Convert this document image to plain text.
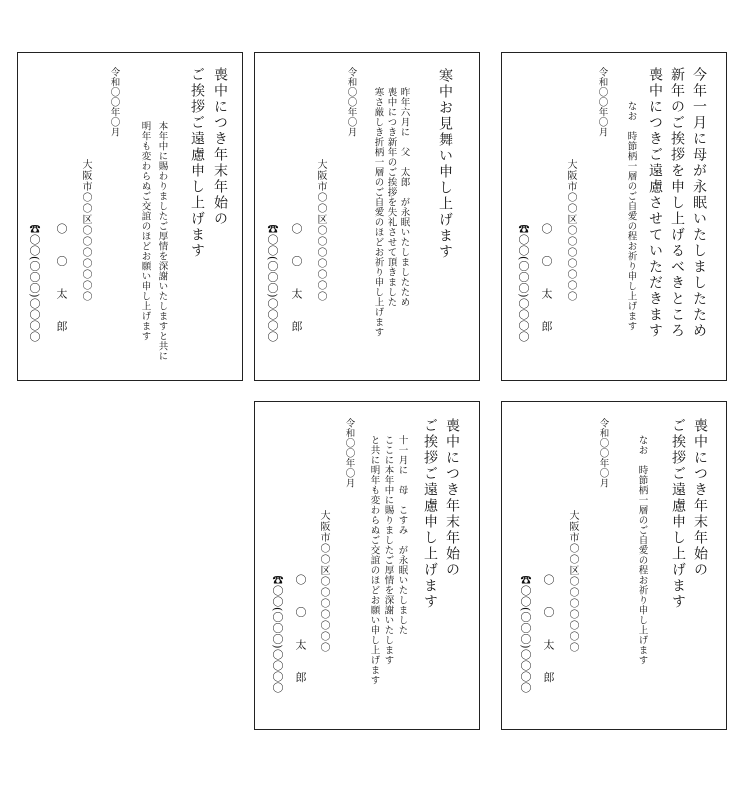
喪中につき年末年始の
ご挨拶ご遠慮申し上げます
本年中に賜わりましたご厚情を深謝いたしますと共に
明年も変わらぬご交誼のほどお願い申し上げます
令和〇〇年〇月
大阪市〇〇区〇〇〇〇〇〇〇
〇 〇 太 郎
☎〇〇(〇〇〇)〇〇〇〇
寒中お見舞い申し上げます
昨年六月に　父　太郎　が永眠いたしましたため
喪中につき新年のご挨拶を失礼させて頂きました
寒さ厳しき折柄一層のご自愛のほどお祈り申し上げます
令和〇〇年〇月
大阪市〇〇区〇〇〇〇〇〇〇
〇 〇 太 郎
☎〇〇(〇〇〇)〇〇〇〇	今年一月に母が永眠いたしましたため
新年のご挨拶を申し上げるべきところ
喪中につきご遠慮させていただきます
なお　時節柄一層のご自愛の程お祈り申し上げます
令和〇〇年〇月
大阪市〇〇区〇〇〇〇〇〇〇
〇 〇 太 郎
☎〇〇(〇〇〇)〇〇〇〇
喪中につき年末年始の
ご挨拶ご遠慮申し上げます
十一月に　母　こすみ　が永眠いたしました
ここに本年中に賜りましたご厚情を深謝いたします
と共に明年も変わらぬご交誼のほどお願い申し上げます
令和〇〇年〇月
大阪市〇〇区〇〇〇〇〇〇〇
〇 〇 太 郎
☎〇〇(〇〇〇)〇〇〇〇
喪中につき年末年始の
ご挨拶ご遠慮申し上げます
なお　時節柄一層のご自愛の程お祈り申し上げます
令和〇〇年〇月
大阪市〇〇区〇〇〇〇〇〇〇
〇 〇 太 郎
☎〇〇(〇〇〇)〇〇〇〇
